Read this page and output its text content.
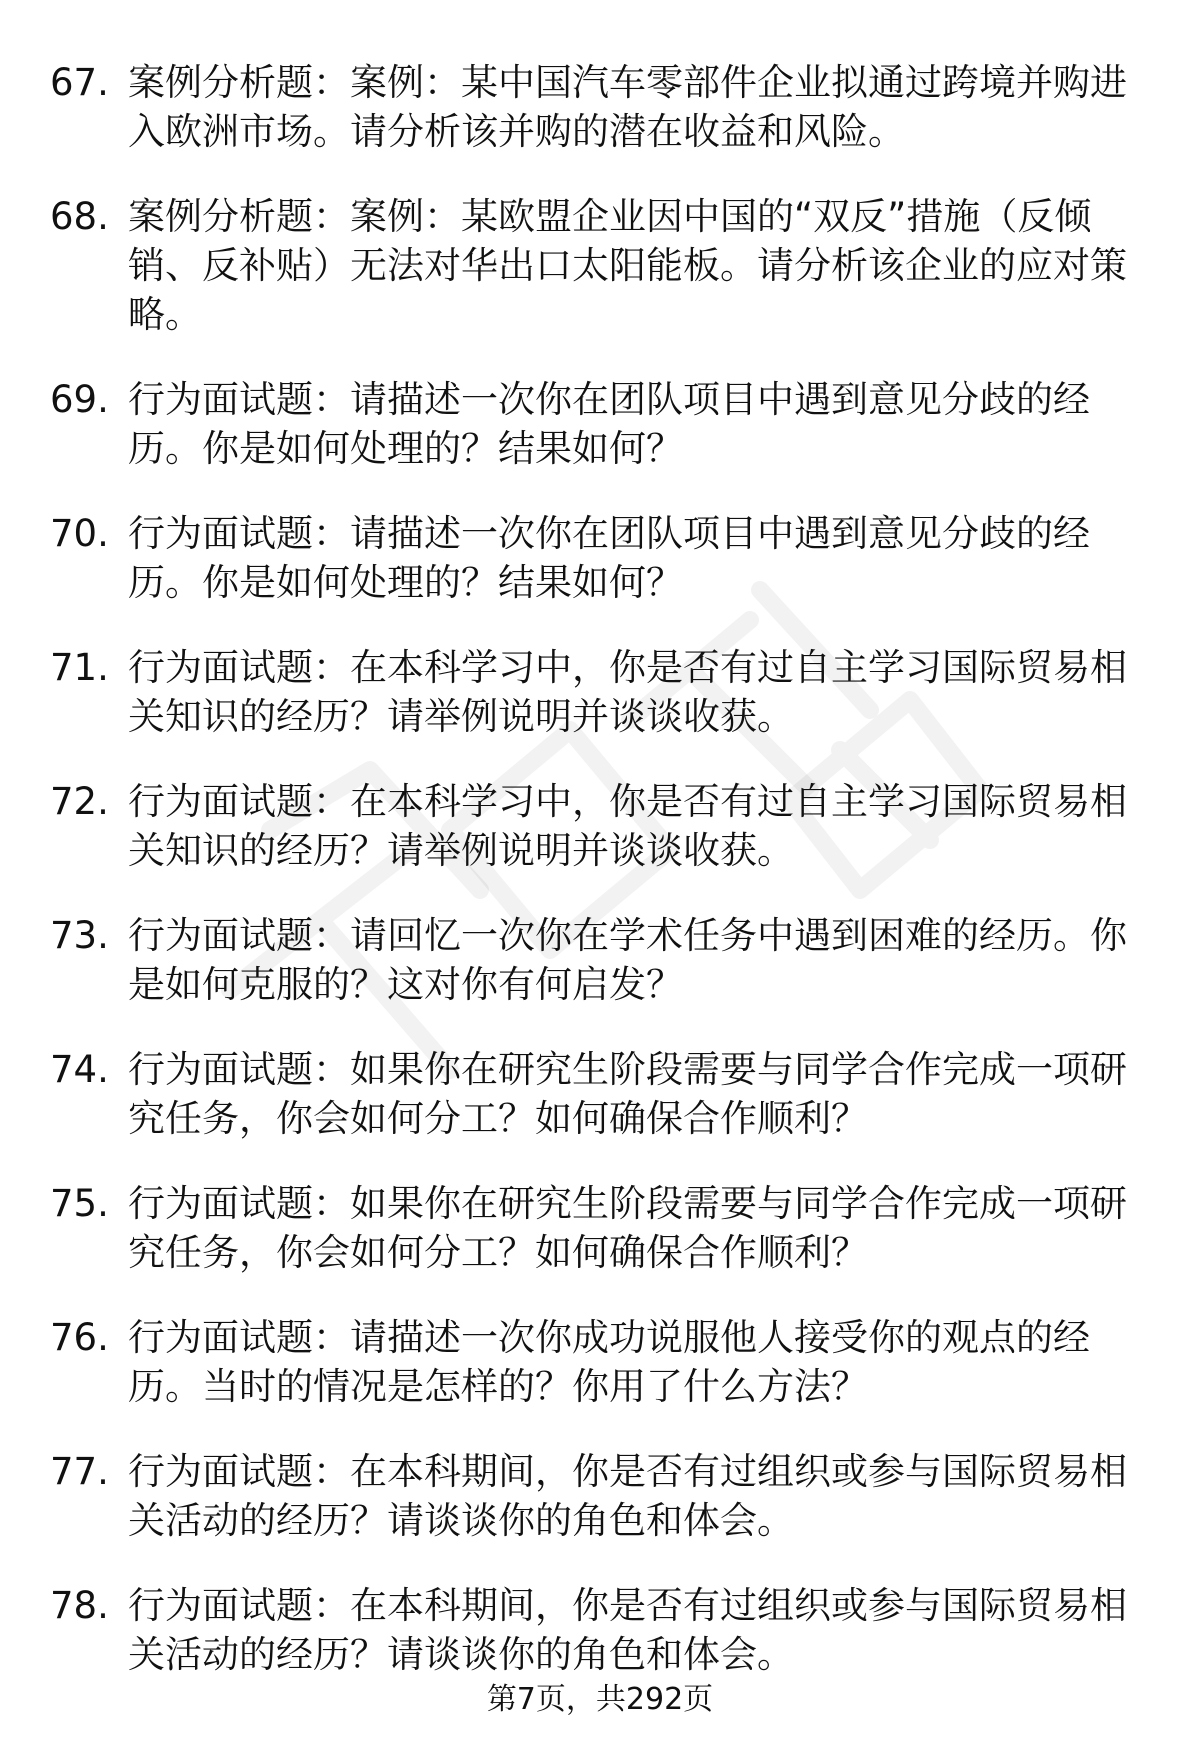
67. 案例分析题：案例：某中国汽车零部件企业拟通过跨境并购进入欧洲市场。请分析该并购的潜在收益和风险。
68. 案例分析题：案例：某欧盟企业因中国的“双反”措施（反倾销、反补贴）无法对华出口太阳能板。请分析该企业的应对策略。
69. 行为面试题：请描述一次你在团队项目中遇到意见分歧的经历。你是如何处理的？结果如何？
70. 行为面试题：请描述一次你在团队项目中遇到意见分歧的经历。你是如何处理的？结果如何？
71. 行为面试题：在本科学习中，你是否有过自主学习国际贸易相关知识的经历？请举例说明并谈谈收获。
72. 行为面试题：在本科学习中，你是否有过自主学习国际贸易相关知识的经历？请举例说明并谈谈收获。
73. 行为面试题：请回忆一次你在学术任务中遇到困难的经历。你是如何克服的？这对你有何启发？
74. 行为面试题：如果你在研究生阶段需要与同学合作完成一项研究任务，你会如何分工？如何确保合作顺利？
75. 行为面试题：如果你在研究生阶段需要与同学合作完成一项研究任务，你会如何分工？如何确保合作顺利？
76. 行为面试题：请描述一次你成功说服他人接受你的观点的经历。当时的情况是怎样的？你用了什么方法？
77. 行为面试题：在本科期间，你是否有过组织或参与国际贸易相关活动的经历？请谈谈你的角色和体会。
78. 行为面试题：在本科期间，你是否有过组织或参与国际贸易相关活动的经历？请谈谈你的角色和体会。
第7页，共292页
